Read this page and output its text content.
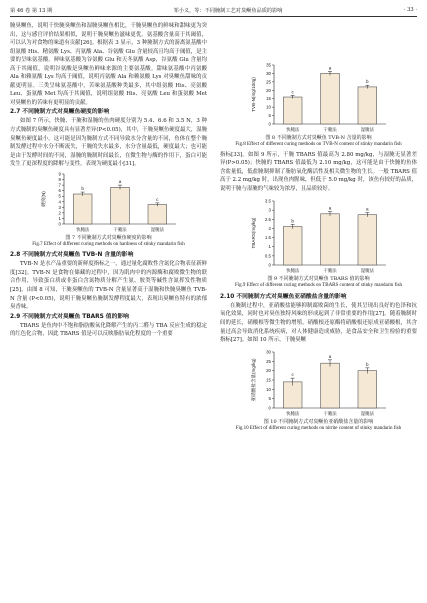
第 46 卷 第 13 期	邹小义，等：不同腌制工艺对臭鳜鱼品质的影响	· 33 ·

腌臭鳜鱼，说明干快腌臭鳜鱼和湿腌臭鳜鱼相比，干腌臭鳜鱼的鲜味和甜味更为突出，这与感官评价结果相似，说明干腌臭鳜鱼滋味更优。氨基酸含量高于其阈值，可以认为对食物的味道有贡献[26]。根据表 3 显示，3 种腌制方式的游离氨基酸中组氨酸 His、精氨酸 Lys、丙氨酸 Ala、谷氨酸 Glu 含量较高且均高于阈值，是主要的呈味氨基酸。鲜味氨基酸为谷氨酸 Glu 和天冬氨酸 Asp，谷氨酸 Glu 含量均高于其阈值，说明谷氨酸是臭鳜鱼鲜味来源的主要氨基酸。甜味氨基酸中丙氨酸 Ala 和赖氨酸 Lys 均高于阈值，说明丙氨酸 Ala 和赖氨酸 Lys 对臭鳜鱼甜味的贡献更明显。三类呈味氨基酸中，苦味氨基酸种类最多，其中组氨酸 His、亮氨酸 Leu、蛋氨酸 Met 均高于其阈值，说明组氨酸 His、亮氨酸 Leu 和蛋氨酸 Met 对臭鳜鱼的苦味有更明显的贡献。

2.7 不同腌制方式对臭鳜鱼硬度的影响

如图 7 所示，快腌、干腌和湿腌的鱼肉硬度分别为 5.4、6.6 和 3.5 N，3 种方式腌制的臭鳜鱼硬度具有显著差异(P<0.05)，其中，干腌臭鳜鱼硬度最大，湿腌臭鳜鱼硬度最小。这可能是因为腌制方式不同导致水分含量的不同，鱼体在整个腌制发酵过程中水分不断流失，干腌的失水最多，水分含量最低，硬度最大；也可能是由于发酵时间的不同，湿腌的腌制时间最长，在微生物与酶的作用下，蛋白可能发生了更深程度的降解与变性，表现为硬度最小[31]。

0
1
2
3
4
5
6
7
8
9
硬度(N)
b
快腌法
a
干腌法
c
湿腌法
图 7 不同腌制方式对臭鳜鱼硬度的影响
Fig.7 Effect of different curing methods on hardness of stinky mandarin fish
2.8 不同腌制方式对臭鳜鱼 TVB-N 含量的影响

TVB-N 是水产品重要的新鲜度指标之一，通过量化腐败性含氮化合物表征新鲜度[32]。TVB-N 是食物在储藏的过程中，因为肌肉中的内源酶和腐败微生物的联合作用，导致蛋白质或非蛋白含氮物质分解产生氨、胺类等碱性含氮挥发性物质[25]。由图 8 可知，干腌臭鳜鱼的 TVB-N 含量显著高于湿腌和快腌臭鳜鱼 TVB-N 含量 (P<0.05)，说明干腌臭鳜鱼腌制发酵程度最大，表现出臭鳜鱼特有的浓郁臭香味。

2.9 不同腌制方式对臭鳜鱼 TBARS 值的影响

TBARS 是鱼肉中不饱和脂肪酸氧化降解产生的丙二醛与 TBA 反应生成的稳定的红色化合物，因此 TBARS 值是可以反映脂肪氧化程度的一个重要

0
5
10
15
20
25
30
35
TVB-N(mg/100g)	c
快腌法
a
干腌法
b
湿腌法
图 8 不同腌制方式对臭鳜鱼 TVB-N 含量的影响
Fig.8 Effect of different curing methods on TVB-N content of stinky mandarin fish

指标[33]。如图 9 所示，干腌 TBARS 值最高为 2.80 mg/kg，与湿腌无显著差异(P>0.05)；快腌的 TBARS 值最低为 2.10 mg/kg，这可能是由于快腌的鱼体含盐量低，低盐腌制抑制了脂肪氧化酶活性及相关微生物的生长。一般 TBARS 值高于 2.2 mg/kg 时，出现鱼肉腥味，但低于 5.0 mg/kg 时，该鱼有较好的品质，说明干腌与湿腌的气味较为浓厚，且品质较好。

0
0.5
1
1.5
2
2.5
3
3.5
TBARS(mg/kg)	b
快腌法
a
干腌法
a
湿腌法
图 9 不同腌制方式对臭鳜鱼 TBARS 值的影响
Fig.9 Effect of different curing methods on TBARS content of stinky mandarin fish
2.10 不同腌制方式对臭鳜鱼亚硝酸盐含量的影响

在腌制过程中，亚硝酸盐能够抑制腐败菌的生长，使其呈现出良好的色泽和抗氧化效果，同时也对臭鱼独特风味的形成起到了非常重要的作用[27]。随着腌制时间的延长，硝酸根等微生物的增殖，硝酸根还原酶将硝酸根还原成亚硝酸根，其含量过高会导致消化系统疾病，对人体健康造成威胁，是食品安全和卫生检验的重要指标[27]。如图 10 所示，干腌臭鳜

0
5
10
15
20
25
30
亚硝酸盐含量(mg/kg)	c
快腌法
a
干腌法
b
湿腌法
图 10 不同腌制方式对臭鳜鱼亚硝酸盐含量的影响
Fig.10 Effect of different curing methods on nitrite content of stinky mandarin fish
